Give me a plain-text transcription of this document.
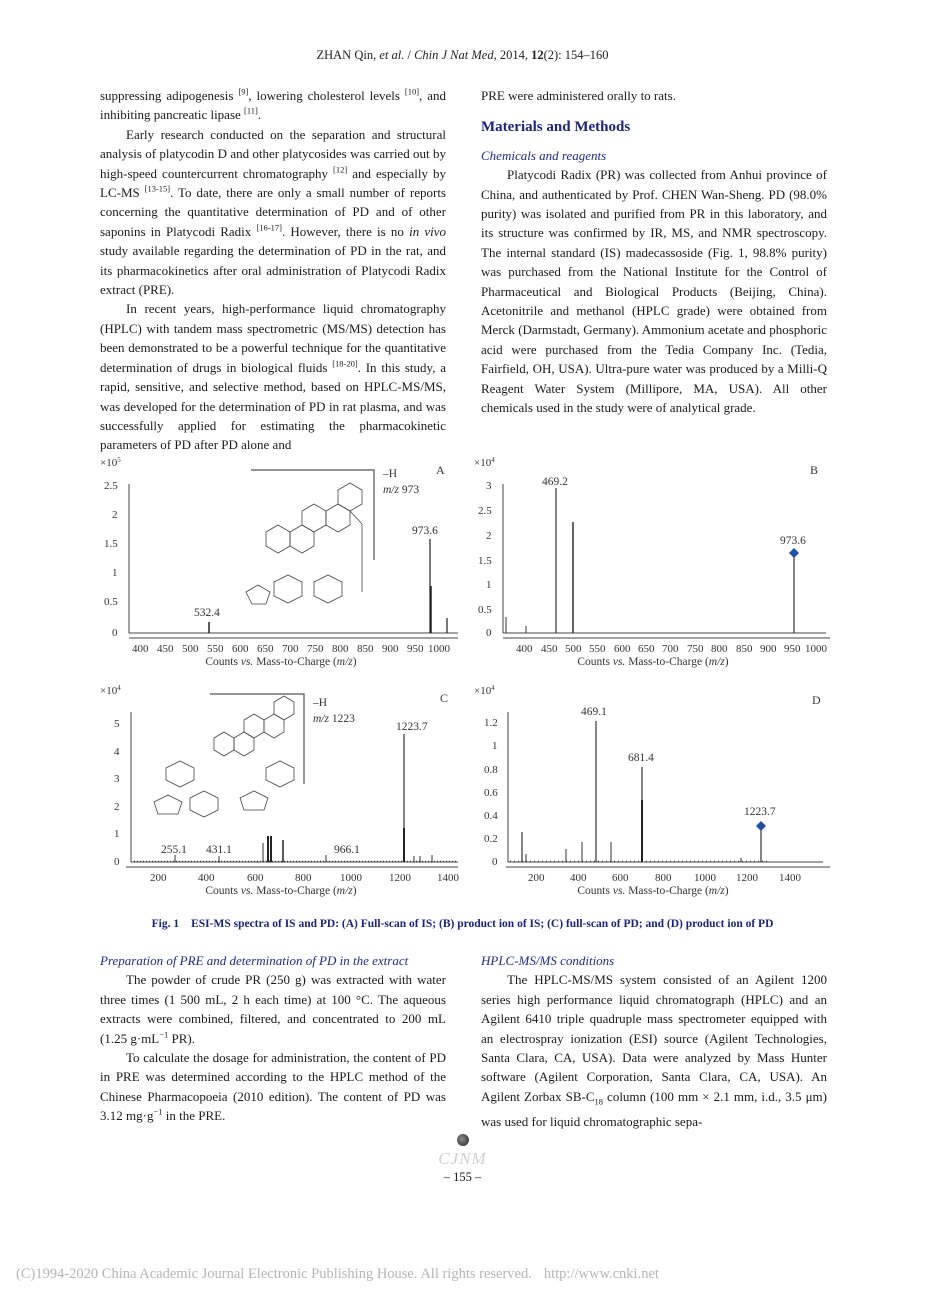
ZHAN Qin, et al. / Chin J Nat Med, 2014, 12(2): 154–160

suppressing adipogenesis [9], lowering cholesterol levels [10], and inhibiting pancreatic lipase [11].

Early research conducted on the separation and structural analysis of platycodin D and other platycosides was carried out by high-speed countercurrent chromatography [12] and especially by LC-MS [13-15]. To date, there are only a small number of reports concerning the quantitative determination of PD and of other saponins in Platycodi Radix [16-17]. However, there is no in vivo study available regarding the determination of PD in the rat, and its pharmacokinetics after oral administration of Platycodi Radix extract (PRE).

In recent years, high-performance liquid chromatography (HPLC) with tandem mass spectrometric (MS/MS) detection has been demonstrated to be a powerful technique for the quantitative determination of drugs in biological fluids [18-20]. In this study, a rapid, sensitive, and selective method, based on HPLC-MS/MS, was developed for the determination of PD in rat plasma, and was successfully applied for estimating the pharmacokinetic parameters of PD after PD alone and

PRE were administered orally to rats.

Materials and Methods
Chemicals and reagents

Platycodi Radix (PR) was collected from Anhui province of China, and authenticated by Prof. CHEN Wan-Sheng. PD (98.0% purity) was isolated and purified from PR in this laboratory, and its structure was confirmed by IR, MS, and NMR spectroscopy. The internal standard (IS) madecassoside (Fig. 1, 98.8% purity) was purchased from the National Institute for the Control of Pharmaceutical and Biological Products (Beijing, China). Acetonitrile and methanol (HPLC grade) were obtained from Merck (Darmstadt, Germany). Ammonium acetate and phosphoric acid were purchased from the Tedia Company Inc. (Tedia, Fairfield, OH, USA). Ultra-pure water was produced by a Milli-Q Reagent Water System (Millipore, MA, USA). All other chemicals used in the study were of analytical grade.

$\times 10^5$
A
2.5
2
1.5
1
0.5
0
400 450 500 550 600 650 700 750 800 850 900 950 1000
532.4
973.6
–H
m/z 973
Counts vs. Mass-to-Charge (m/z)
$\times 10^4$
B
3
2.5
2
1.5
1
0.5
0
400 450 500 550 600 650 700 750 800 850 900 950 1000
469.2
973.6
Counts vs. Mass-to-Charge (m/z)
$\times 10^4$
C
5
4
3
2
1
0
200	400	600	800	1000 1200 1400
255.1 431.1	966.1
1223.7
–H
m/z 1223
Counts vs. Mass-to-Charge (m/z)
$\times 10^4$
D
1.2
1
0.8
0.6
0.4
0.2
0
200 400 600 800 1000 1200 1400
469.1
681.4
1223.7
Counts vs. Mass-to-Charge (m/z)
Fig. 1 ESI-MS spectra of IS and PD: (A) Full-scan of IS; (B) product ion of IS; (C) full-scan of PD; and (D) product ion of PD
Preparation of PRE and determination of PD in the extract

The powder of crude PR (250 g) was extracted with water three times (1 500 mL, 2 h each time) at 100 °C. The aqueous extracts were combined, filtered, and concentrated to 200 mL (1.25 $g\cdot mL^{-1}$ PR).

To calculate the dosage for administration, the content of PD in PRE was determined according to the HPLC method of the Chinese Pharmacopoeia (2010 edition). The content of PD was 3.12 $mg\cdot g^{-1}$ in the PRE.

HPLC-MS/MS conditions

The HPLC-MS/MS system consisted of an Agilent 1200 series high performance liquid chromatograph (HPLC) and an Agilent 6410 triple quadruple mass spectrometer equipped with an electrospray ionization (ESI) source (Agilent Technologies, Santa Clara, CA, USA). Data were analyzed by Mass Hunter software (Agilent Corporation, Santa Clara, CA, USA). An Agilent Zorbax $SB-C_{18}$ column (100 mm × 2.1 mm, i.d., 3.5 μm) was used for liquid chromatographic sepa-

CJNM
– 155 –
(C)1994-2020 China Academic Journal Electronic Publishing House. All rights reserved. http://www.cnki.net
